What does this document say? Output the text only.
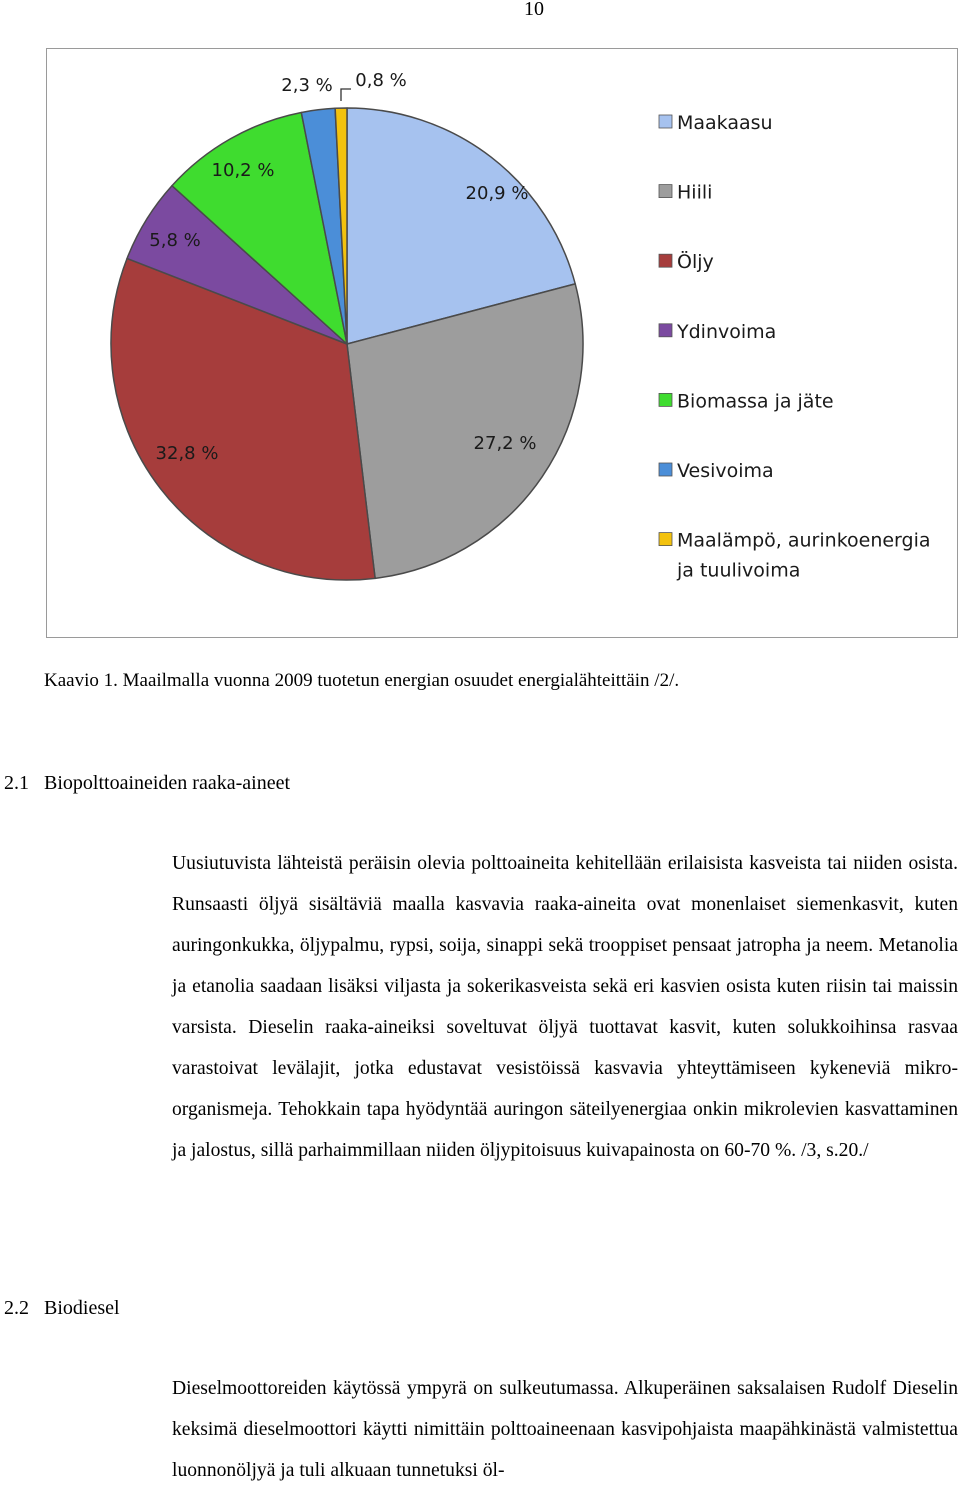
10
20,9 %
27,2 %
32,8 %
5,8 %
10,2 %
2,3 % 0,8 %
Maakaasu
Hiili
Öljy
Ydinvoima
Biomassa ja jäte
Vesivoima
Maalämpö, aurinkoenergia
ja tuulivoima
Kaavio 1. Maailmalla vuonna 2009 tuotetun energian osuudet energialähteittäin /2/.
2.1 Biopolttoaineiden raaka-aineet

Uusiutuvista lähteistä peräisin olevia polttoaineita kehitellään erilaisista kasveista tai niiden osista. Runsaasti öljyä sisältäviä maalla kasvavia raaka-aineita ovat monenlaiset siemenkasvit, kuten auringonkukka, öljypalmu, rypsi, soija, sinappi sekä trooppiset pensaat jatropha ja neem. Metanolia ja etanolia saadaan lisäksi viljasta ja sokerikasveista sekä eri kasvien osista kuten riisin tai maissin varsista. Dieselin raaka-aineiksi soveltuvat öljyä tuottavat kasvit, kuten solukkoihinsa rasvaa varastoivat levälajit, jotka edustavat vesistöissä kasvavia yhteyttämiseen kykeneviä mikro-organismeja. Tehokkain tapa hyödyntää auringon säteilyenergiaa onkin mikrolevien kasvattaminen ja jalostus, sillä parhaimmillaan niiden öljypitoisuus kuivapainosta on 60-70 %. /3, s.20./

2.2 Biodiesel

Dieselmoottoreiden käytössä ympyrä on sulkeutumassa. Alkuperäinen saksalaisen Rudolf Dieselin keksimä dieselmoottori käytti nimittäin polttoaineenaan kasvipohjaista maapähkinästä valmistettua luonnonöljyä ja tuli alkuaan tunnetuksi öl-
